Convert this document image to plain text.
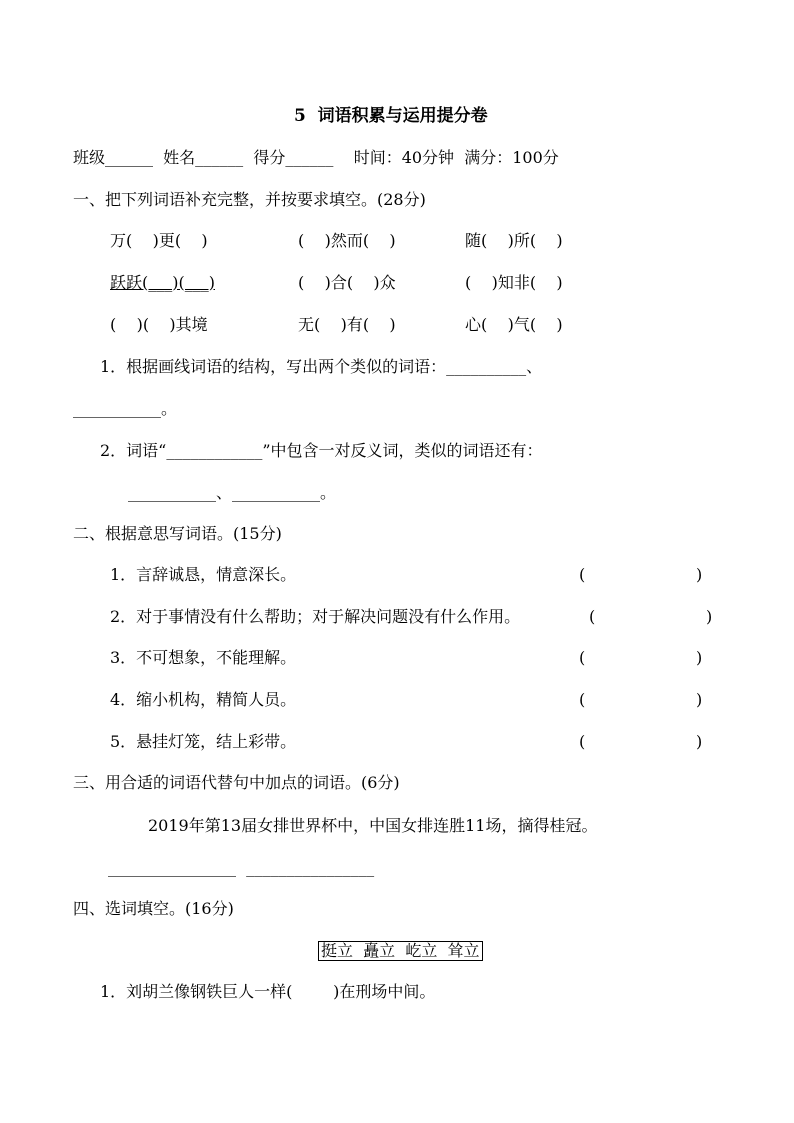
5  词语积累与运用提分卷
班级______  姓名______  得分______    时间：40分钟  满分：100分
一、把下列词语补充完整，并按要求填空。(28分)
万(    )更(    )	(    )然而(    )	随(    )所(    )
跃跃(___)(___)	(    )合(    )众	(    )知非(    )
(    )(    )其境	无(    )有(    )	心(    )气(    )
1．根据画线词语的结构，写出两个类似的词语：__________、
___________。
2．词语“____________”中包含一对反义词，类似的词语还有：
___________、___________。
二、根据意思写词语。(15分)
1．言辞诚恳，情意深长。	(	)
2．对于事情没有什么帮助；对于解决问题没有什么作用。	(	)
3．不可想象，不能理解。	(	)
4．缩小机构，精简人员。	(	)
5．悬挂灯笼，结上彩带。	(	)
三、用合适的词语代替句中加点的词语。(6分)
2019年第13届女排世界杯中，中国女排连胜11场，摘得桂冠。
________________  ________________
四、选词填空。(16分)
挺立  矗立  屹立  耸立
1．刘胡兰像钢铁巨人一样(        )在刑场中间。
